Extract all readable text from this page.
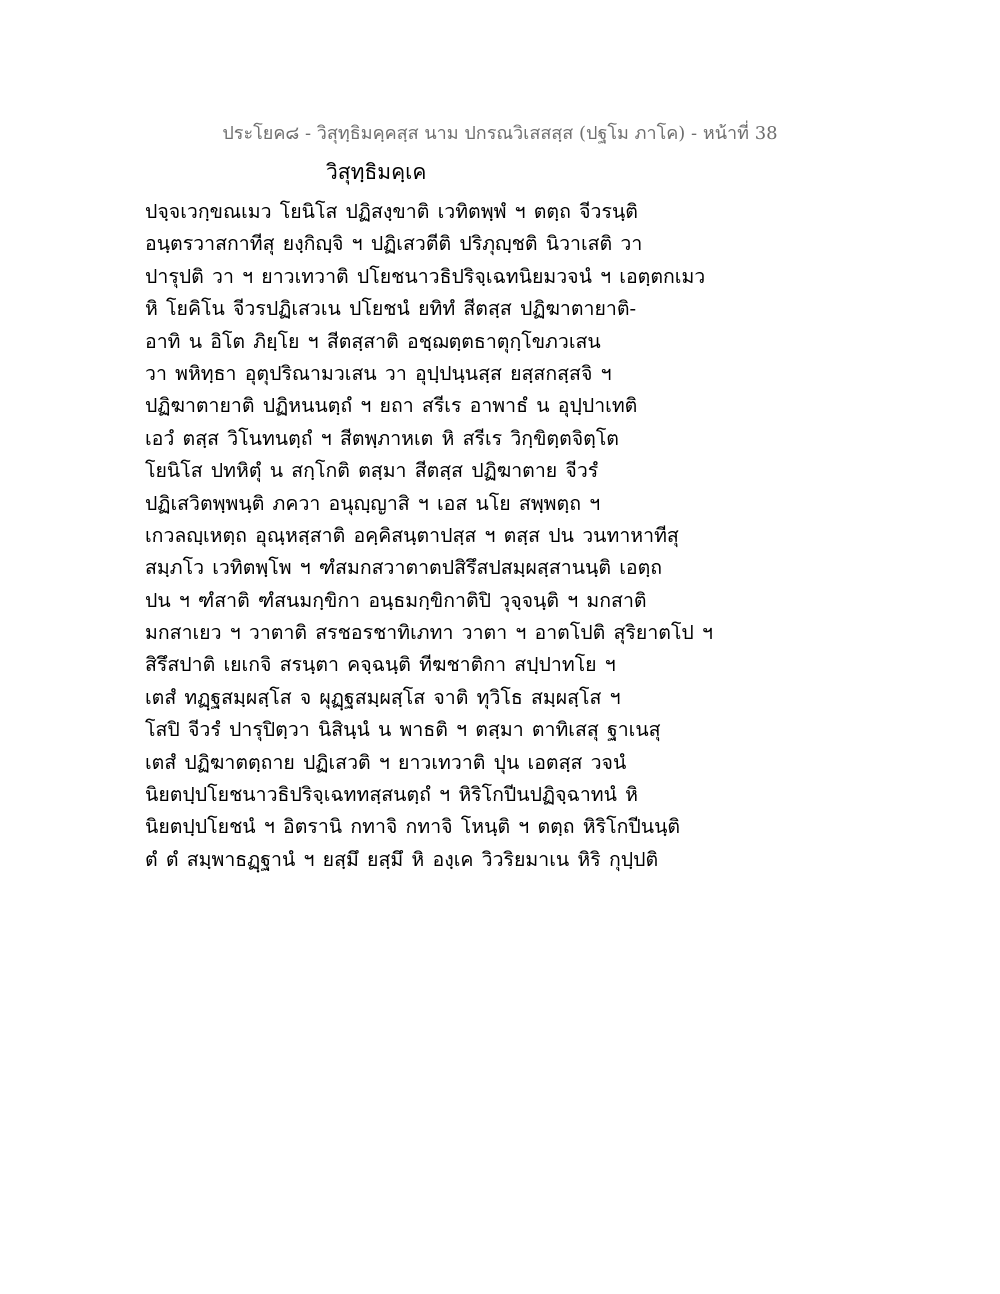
ประโยค๘ - วิสุทฺธิมคฺคสฺส นาม ปกรณวิเสสสฺส (ปฐโม ภาโค) - หน้าที่ 38
วิสุทฺธิมคฺเค
ปจฺจเวกฺขณเมว โยนิโส ปฏิสงฺขาติ เวทิตพฺพํ ฯ ตตฺถ จีวรนฺติ
อนฺตรวาสกาทีสุ ยงฺกิญฺจิ ฯ ปฏิเสวตีติ ปริภุญฺชติ นิวาเสติ วา
ปารุปติ วา ฯ ยาวเทวาติ ปโยชนาวธิปริจฺเฉทนิยมวจนํ ฯ เอตฺตกเมว
หิ โยคิโน จีวรปฏิเสวเน ปโยชนํ ยทิทํ สีตสฺส ปฏิฆาตายาติ-
อาทิ น อิโต ภิยฺโย ฯ สีตสฺสาติ อชฺฌตฺตธาตุกฺโขภวเสน
วา พหิทฺธา อุตุปริณามวเสน วา อุปฺปนฺนสฺส ยสฺสกสฺสจิ ฯ
ปฏิฆาตายาติ ปฏิหนนตฺถํ ฯ ยถา สรีเร อาพาธํ น อุปฺปาเทติ
เอวํ ตสฺส วิโนทนตฺถํ ฯ สีตพฺภาหเต หิ สรีเร วิกฺขิตฺตจิตฺโต
โยนิโส ปทหิตุํ น สกฺโกติ ตสฺมา สีตสฺส ปฏิฆาตาย จีวรํ
ปฏิเสวิตพฺพนฺติ ภควา อนุญฺญาสิ ฯ เอส นโย สพฺพตฺถ ฯ
เกวลญฺเหตฺถ อุณฺหสฺสาติ อคฺคิสนฺตาปสฺส ฯ ตสฺส ปน วนทาหาทีสุ
สมฺภโว เวทิตพฺโพ ฯ ฑํสมกสวาตาตปสิรึสปสมฺผสฺสานนฺติ เอตฺถ
ปน ฯ ฑํสาติ ฑํสนมกฺขิกา อนฺธมกฺขิกาติปิ วุจฺจนฺติ ฯ มกสาติ
มกสาเยว ฯ วาตาติ สรชอรชาทิเภทา วาตา ฯ อาตโปติ สุริยาตโป ฯ
สิรึสปาติ เยเกจิ สรนฺตา คจฺฉนฺติ ทีฆชาติกา สปฺปาทโย ฯ
เตสํ ทฏฺฐสมฺผสฺโส จ ผุฏฺฐสมฺผสฺโส จาติ ทุวิโธ สมฺผสฺโส ฯ
โสปิ จีวรํ ปารุปิตฺวา นิสินฺนํ น พาธติ ฯ ตสฺมา ตาทิเสสุ ฐาเนสุ
เตสํ ปฏิฆาตตฺถาย ปฏิเสวติ ฯ ยาวเทวาติ ปุน เอตสฺส วจนํ
นิยตปฺปโยชนาวธิปริจฺเฉททสฺสนตฺถํ ฯ หิริโกปีนปฏิจฺฉาทนํ หิ
นิยตปฺปโยชนํ ฯ อิตรานิ กทาจิ กทาจิ โหนฺติ ฯ ตตฺถ หิริโกปีนนฺติ
ตํ ตํ สมฺพาธฏฺฐานํ ฯ ยสฺมึ ยสฺมึ หิ องฺเค วิวริยมาเน หิริ กุปฺปติ
